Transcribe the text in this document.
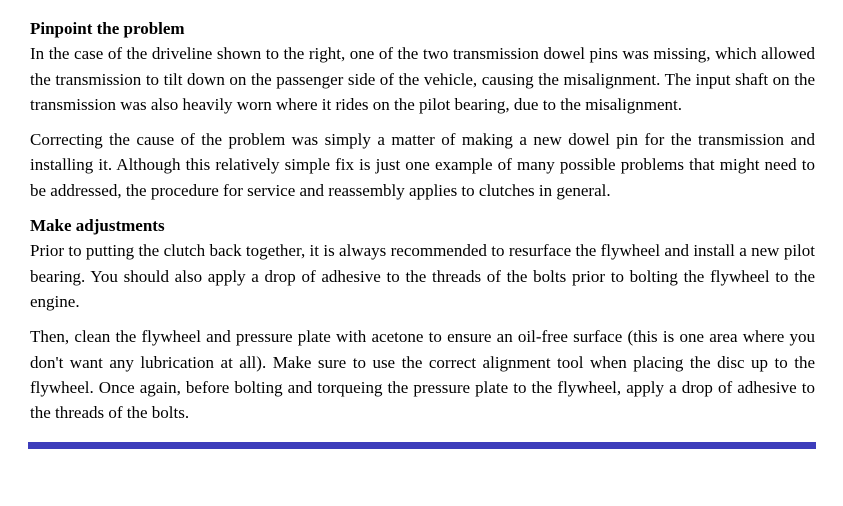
Pinpoint the problem

In the case of the driveline shown to the right, one of the two transmission dowel pins was missing, which allowed the transmission to tilt down on the passenger side of the vehicle, causing the misalignment. The input shaft on the transmission was also heavily worn where it rides on the pilot bearing, due to the misalignment.

Correcting the cause of the problem was simply a matter of making a new dowel pin for the transmission and installing it. Although this relatively simple fix is just one example of many possible problems that might need to be addressed, the procedure for service and reassembly applies to clutches in general.

Make adjustments

Prior to putting the clutch back together, it is always recommended to resurface the flywheel and install a new pilot bearing. You should also apply a drop of adhesive to the threads of the bolts prior to bolting the flywheel to the engine.

Then, clean the flywheel and pressure plate with acetone to ensure an oil-free surface (this is one area where you don't want any lubrication at all). Make sure to use the correct alignment tool when placing the disc up to the flywheel. Once again, before bolting and torqueing the pressure plate to the flywheel, apply a drop of adhesive to the threads of the bolts.
